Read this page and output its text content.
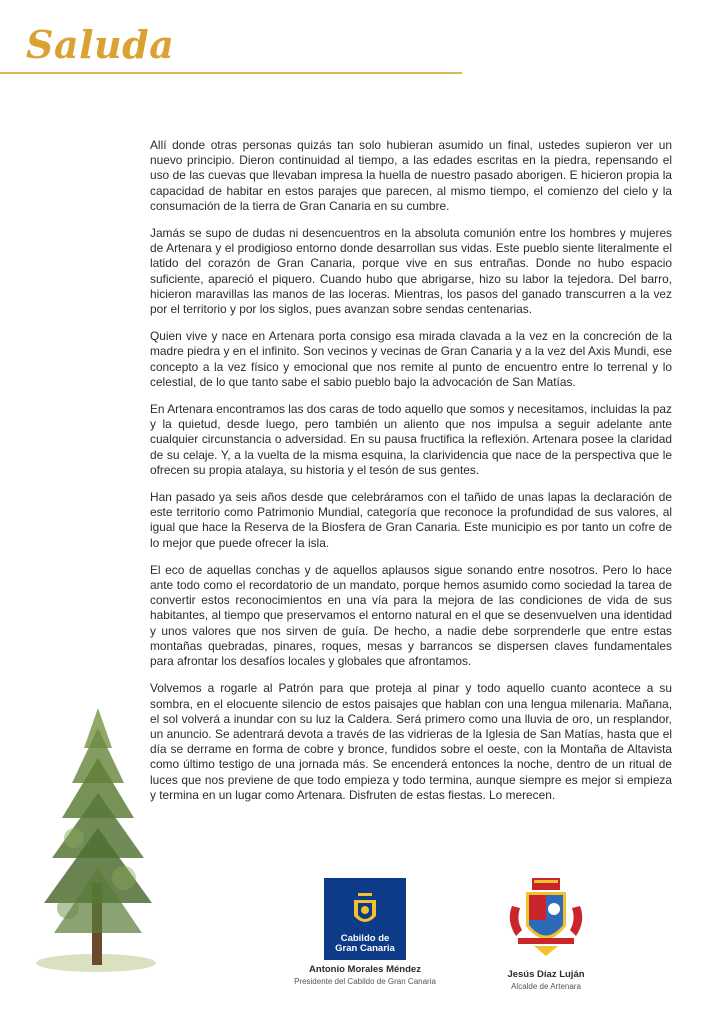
Saluda

Allí donde otras personas quizás tan solo hubieran asumido un final, ustedes supieron ver un nuevo principio. Dieron continuidad al tiempo, a las edades escritas en la piedra, repensando el uso de las cuevas que llevaban impresa la huella de nuestro pasado aborigen. E hicieron propia la capacidad de habitar en estos parajes que parecen, al mismo tiempo, el comienzo del cielo y la consumación de la tierra de Gran Canaria en su cumbre.

Jamás se supo de dudas ni desencuentros en la absoluta comunión entre los hombres y mujeres de Artenara y el prodigioso entorno donde desarrollan sus vidas. Este pueblo siente literalmente el latido del corazón de Gran Canaria, porque vive en sus entrañas. Donde no hubo espacio suficiente, apareció el piquero. Cuando hubo que abrigarse, hizo su labor la tejedora. Del barro, hicieron maravillas las manos de las loceras. Mientras, los pasos del ganado transcurren a la vez por el territorio y por los siglos, pues avanzan sobre sendas centenarias.

Quien vive y nace en Artenara porta consigo esa mirada clavada a la vez en la concreción de la madre piedra y en el infinito. Son vecinos y vecinas de Gran Canaria y a la vez del Axis Mundi, ese concepto a la vez físico y emocional que nos remite al punto de encuentro entre lo terrenal y lo celestial, de lo que tanto sabe el sabio pueblo bajo la advocación de San Matías.

En Artenara encontramos las dos caras de todo aquello que somos y necesitamos, incluidas la paz y la quietud, desde luego, pero también un aliento que nos impulsa a seguir adelante ante cualquier circunstancia o adversidad. En su pausa fructifica la reflexión. Artenara posee la claridad de su celaje. Y, a la vuelta de la misma esquina, la clarividencia que nace de la perspectiva que le ofrecen su propia atalaya, su historia y el tesón de sus gentes.

Han pasado ya seis años desde que celebráramos con el tañido de unas lapas la declaración de este territorio como Patrimonio Mundial, categoría que reconoce la profundidad de sus valores, al igual que hace la Reserva de la Biosfera de Gran Canaria. Este municipio es por tanto un cofre de lo mejor que puede ofrecer la isla.

El eco de aquellas conchas y de aquellos aplausos sigue sonando entre nosotros. Pero lo hace ante todo como el recordatorio de un mandato, porque hemos asumido como sociedad la tarea de convertir estos reconocimientos en una vía para la mejora de las condiciones de vida de sus habitantes, al tiempo que preservamos el entorno natural en el que se desenvuelven una identidad y unos valores que nos sirven de guía. De hecho, a nadie debe sorprenderle que entre estas montañas quebradas, pinares, roques, mesas y barrancos se dispersen claves fundamentales para afrontar los desafíos locales y globales que afrontamos.

Volvemos a rogarle al Patrón para que proteja al pinar y todo aquello cuanto acontece a su sombra, en el elocuente silencio de estos paisajes que hablan con una lengua milenaria. Mañana, el sol volverá a inundar con su luz la Caldera. Será primero como una lluvia de oro, un resplandor, un anuncio. Se adentrará devota a través de las vidrieras de la Iglesia de San Matías, hasta que el día se derrame en forma de cobre y bronce, fundidos sobre el oeste, con la Montaña de Altavista como último testigo de una jornada más. Se encenderá entonces la noche, dentro de un ritual de luces que nos previene de que todo empieza y todo termina, aunque siempre es mejor si empieza y termina en un lugar como Artenara. Disfruten de estas fiestas. Lo merecen.

Cabildo de
Gran Canaria
Antonio Morales Méndez
Presidente del Cabildo de Gran Canaria
Jesús Díaz Luján
Alcalde de Artenara
